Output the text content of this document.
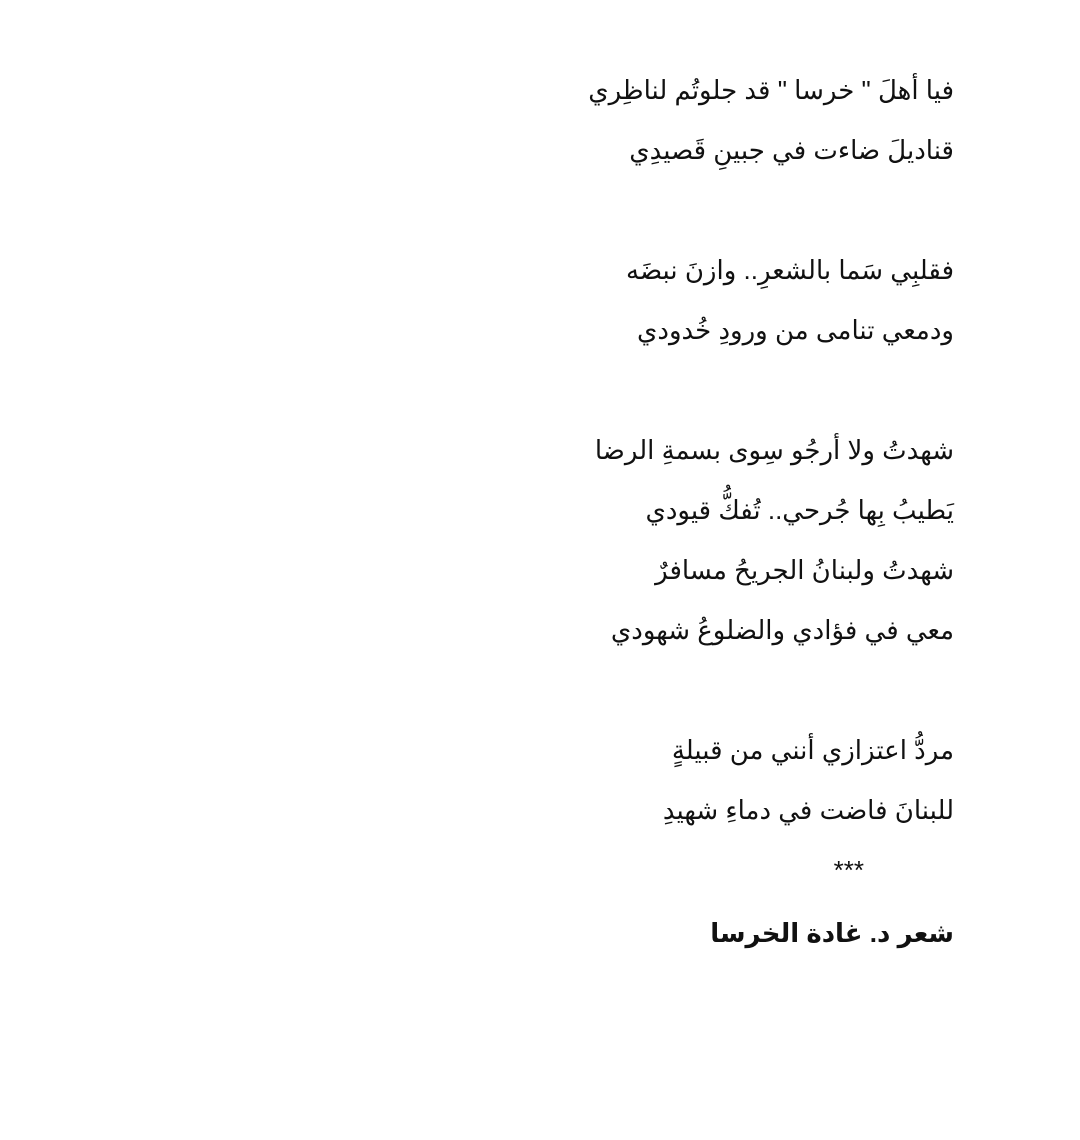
فيا أهلَ " خرسا " قد جلوتُم لناظِري
قناديلَ ضاءت في جبينِ قَصيدِي
فقلبِي سَما بالشعرِ.. وازنَ نبضَه
ودمعي تنامى من ورودِ خُدودي
شهدتُ ولا أرجُو سِوى بسمةِ الرضا
يَطيبُ بِها جُرحي.. تُفكُّ قيودي
شهدتُ ولبنانُ الجريحُ مسافرٌ
معي في فؤادي والضلوعُ شهودي
مردُّ اعتزازي أنني من قبيلةٍ
للبنانَ فاضت في دماءِ شهيدِ
***
شعر د. غادة الخرسا
